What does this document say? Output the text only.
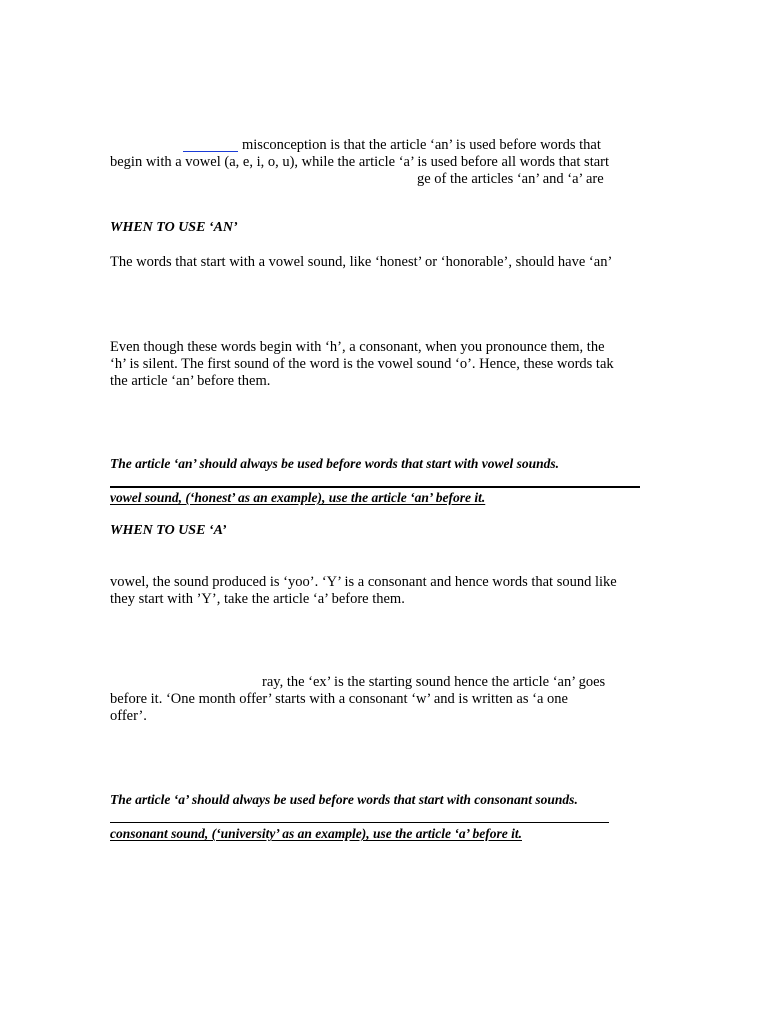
misconception is that the article ‘an’ is used before words that
begin with a vowel (a, e, i, o, u), while the article ‘a’ is used before all words that start
ge of the articles ‘an’ and ‘a’ are
WHEN TO USE ‘AN’
The words that start with a vowel sound, like ‘honest’ or ‘honorable’, should have ‘an’
Even though these words begin with ‘h’, a consonant, when you pronounce them, the
‘h’ is silent. The first sound of the word is the vowel sound ‘o’. Hence, these words tak
the article ‘an’ before them.
The article ‘an’ should always be used before words that start with vowel sounds.
vowel sound, (‘honest’ as an example), use the article ‘an’ before it.
WHEN TO USE ‘A’
vowel, the sound produced is ‘yoo’. ‘Y’ is a consonant and hence words that sound like
they start with ’Y’, take the article ‘a’ before them.
ray, the ‘ex’ is the starting sound hence the article ‘an’ goes
before it. ‘One month offer’ starts with a consonant ‘w’ and is written as ‘a one
offer’.
The article ‘a’ should always be used before words that start with consonant sounds.
consonant sound, (‘university’ as an example), use the article ‘a’ before it.
